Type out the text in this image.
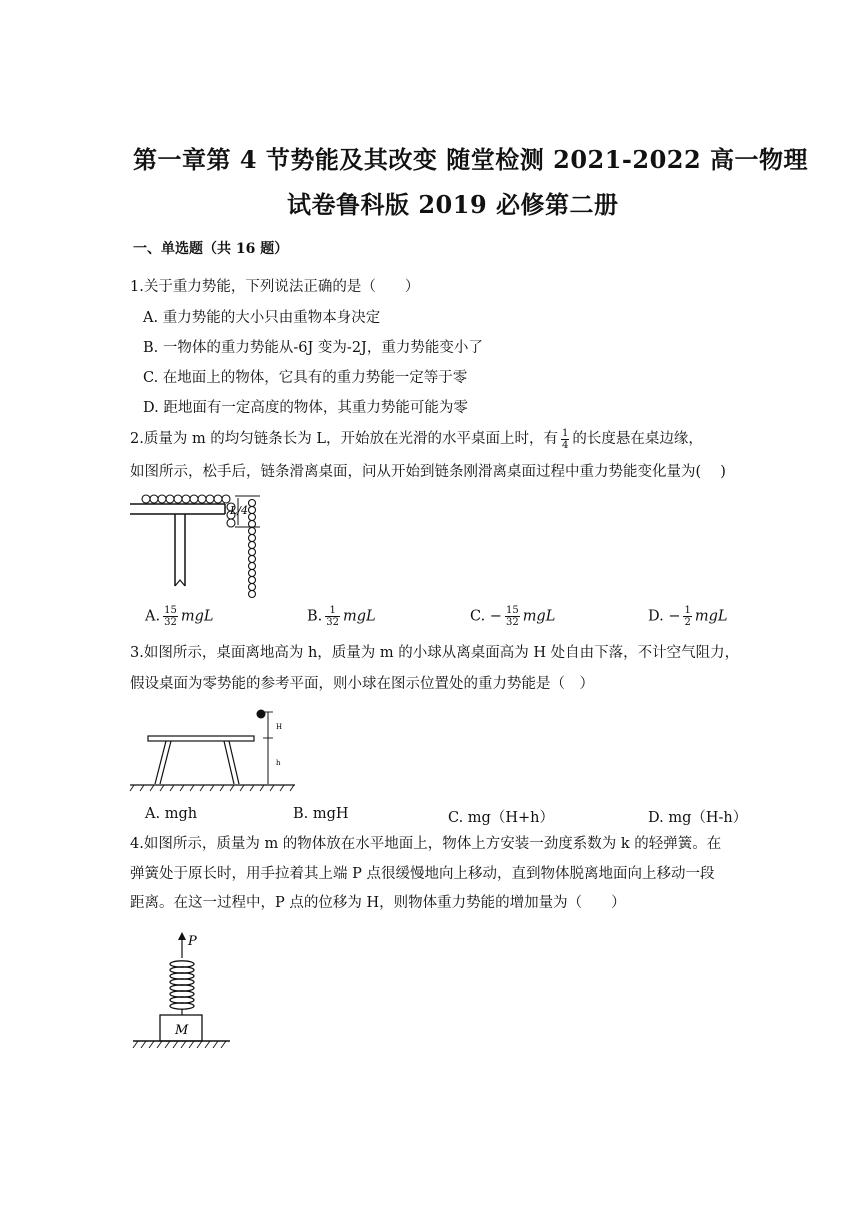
第一章第 4 节势能及其改变 随堂检测 2021-2022 高一物理
试卷鲁科版 2019 必修第二册
一、单选题（共 16 题）
1.关于重力势能，下列说法正确的是（　　）
A. 重力势能的大小只由重物本身决定
B. 一物体的重力势能从-6J 变为-2J，重力势能变小了
C. 在地面上的物体，它具有的重力势能一定等于零
D. 距地面有一定高度的物体，其重力势能可能为零
2.质量为 m 的均匀链条长为 L，开始放在光滑的水平桌面上时，有 $\frac{1}{4}$ 的长度悬在桌边缘，
如图所示，松手后，链条滑离桌面，问从开始到链条刚滑离桌面过程中重力势能变化量为(　 )
L/4
A. $\frac{15}{32}$ mgL	B. $\frac{1}{32}$ mgL	C. − $\frac{15}{32}$ mgL	D. − $\frac{1}{2}$ mgL
3.如图所示，桌面离地高为 h，质量为 m 的小球从离桌面高为 H 处自由下落，不计空气阻力，
假设桌面为零势能的参考平面，则小球在图示位置处的重力势能是（　）
H
h
A. mgh	B. mgH	C. mg（H+h）	D. mg（H-h）
4.如图所示，质量为 m 的物体放在水平地面上，物体上方安装一劲度系数为 k 的轻弹簧。在
弹簧处于原长时，用手拉着其上端 P 点很缓慢地向上移动，直到物体脱离地面向上移动一段
距离。在这一过程中，P 点的位移为 H，则物体重力势能的增加量为（　　）
P
M
